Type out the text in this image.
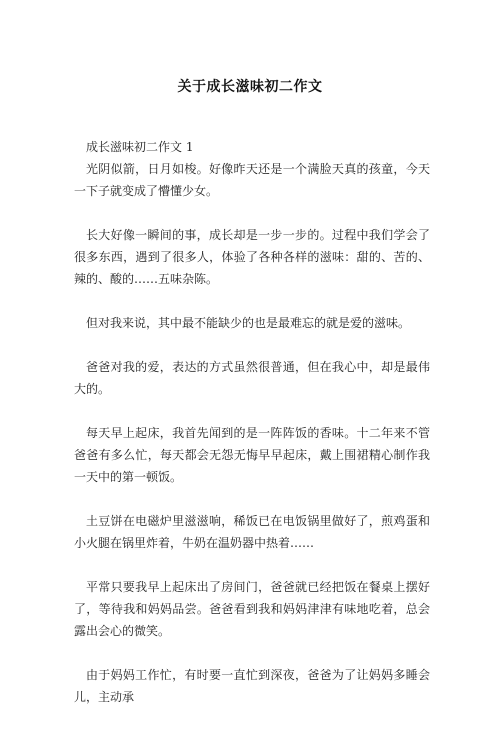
关于成长滋味初二作文

成长滋味初二作文 1

光阴似箭，日月如梭。好像昨天还是一个满脸天真的孩童，今天一下子就变成了懵懂少女。

长大好像一瞬间的事，成长却是一步一步的。过程中我们学会了很多东西，遇到了很多人，体验了各种各样的滋味：甜的、苦的、辣的、酸的……五味杂陈。

但对我来说，其中最不能缺少的也是最难忘的就是爱的滋味。

爸爸对我的爱，表达的方式虽然很普通，但在我心中，却是最伟大的。

每天早上起床，我首先闻到的是一阵阵饭的香味。十二年来不管爸爸有多么忙，每天都会无怨无悔早早起床，戴上围裙精心制作我一天中的第一顿饭。

土豆饼在电磁炉里滋滋响，稀饭已在电饭锅里做好了，煎鸡蛋和小火腿在锅里炸着，牛奶在温奶器中热着……

平常只要我早上起床出了房间门，爸爸就已经把饭在餐桌上摆好了，等待我和妈妈品尝。爸爸看到我和妈妈津津有味地吃着，总会露出会心的微笑。

由于妈妈工作忙，有时要一直忙到深夜，爸爸为了让妈妈多睡会儿，主动承
